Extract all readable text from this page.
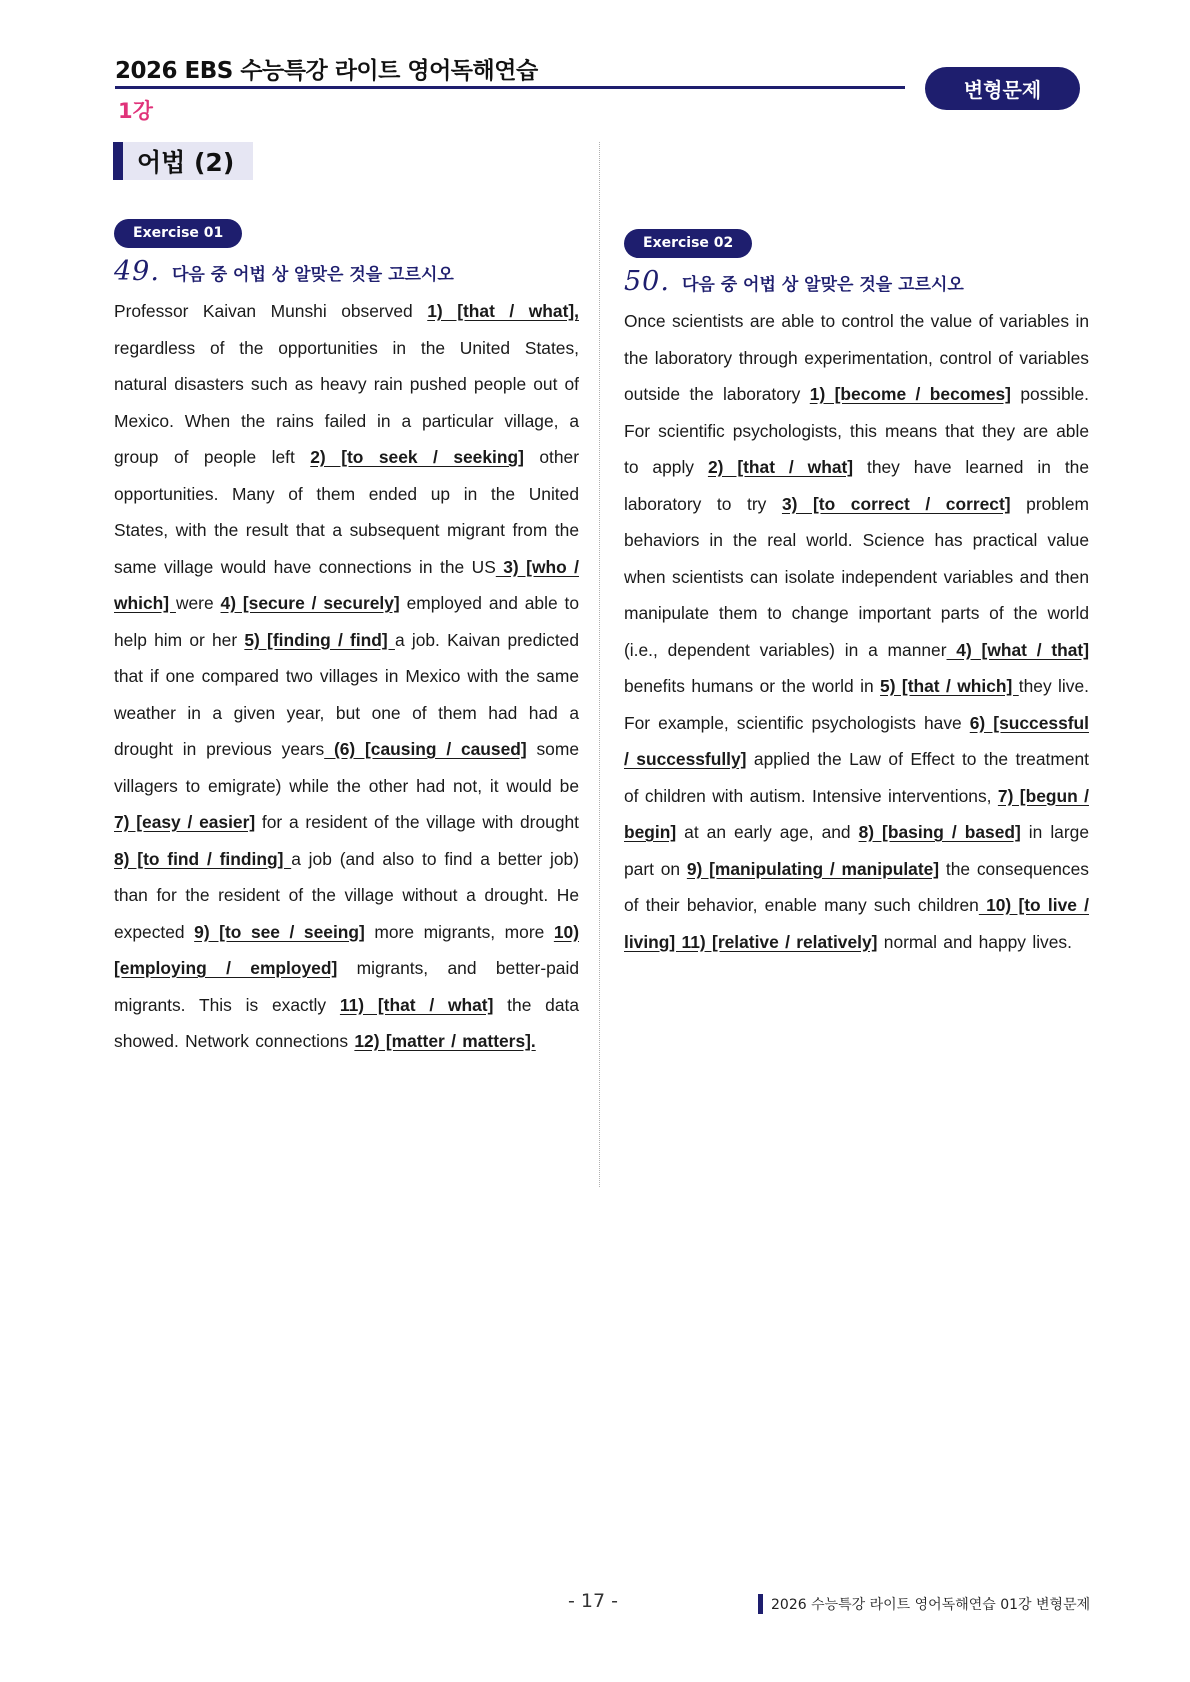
2026 EBS 수능특강 라이트 영어독해연습
1강
변형문제
어법 (2)
Exercise 01
49. 다음 중 어법 상 알맞은 것을 고르시오
Professor Kaivan Munshi observed 1) [that / what], regardless of the opportunities in the United States, natural disasters such as heavy rain pushed people out of Mexico. When the rains failed in a particular village, a group of people left 2) [to seek / seeking] other opportunities. Many of them ended up in the United States, with the result that a subsequent migrant from the same village would have connections in the US 3) [who / which] were 4) [secure / securely] employed and able to help him or her 5) [finding / find] a job. Kaivan predicted that if one compared two villages in Mexico with the same weather in a given year, but one of them had had a drought in previous years (6) [causing / caused] some villagers to emigrate) while the other had not, it would be 7) [easy / easier] for a resident of the village with drought 8) [to find / finding] a job (and also to find a better job) than for the resident of the village without a drought. He expected 9) [to see / seeing] more migrants, more 10) [employing / employed] migrants, and better-paid migrants. This is exactly 11) [that / what] the data showed. Network connections 12) [matter / matters].
Exercise 02
50. 다음 중 어법 상 알맞은 것을 고르시오
Once scientists are able to control the value of variables in the laboratory through experimentation, control of variables outside the laboratory 1) [become / becomes] possible. For scientific psychologists, this means that they are able to apply 2) [that / what] they have learned in the laboratory to try 3) [to correct / correct] problem behaviors in the real world. Science has practical value when scientists can isolate independent variables and then manipulate them to change important parts of the world (i.e., dependent variables) in a manner 4) [what / that] benefits humans or the world in 5) [that / which] they live. For example, scientific psychologists have 6) [successful / successfully] applied the Law of Effect to the treatment of children with autism. Intensive interventions, 7) [begun / begin] at an early age, and 8) [basing / based] in large part on 9) [manipulating / manipulate] the consequences of their behavior, enable many such children 10) [to live / living] 11) [relative / relatively] normal and happy lives.
- 17 -	2026 수능특강 라이트 영어독해연습 01강 변형문제
